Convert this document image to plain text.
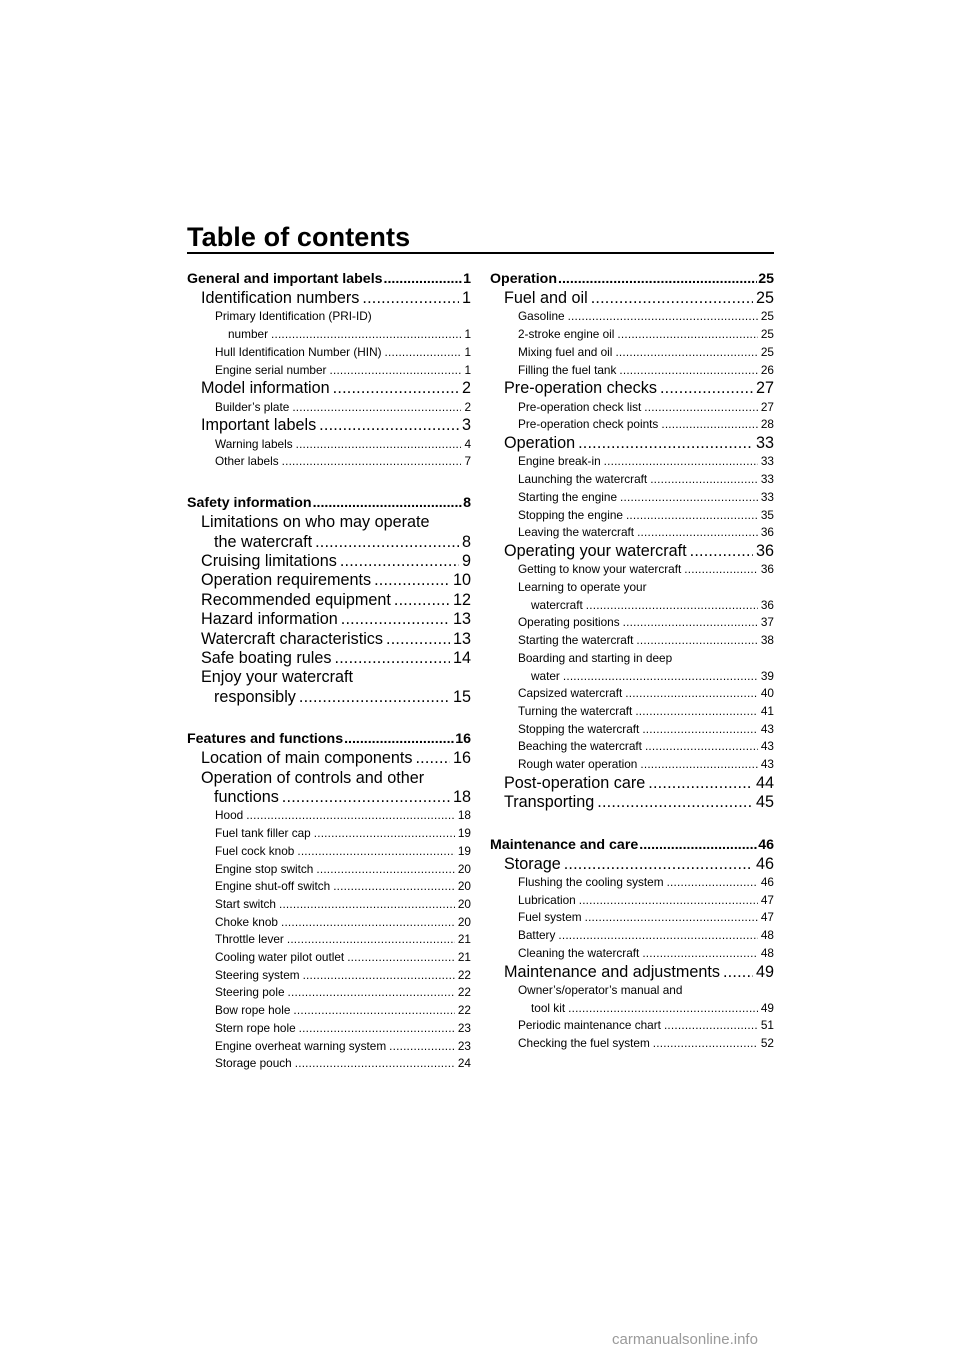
Table of contents
General and important labels .....	1
Identification numbers .....	1
Primary Identification (PRI-ID)
number .....	1
Hull Identification Number (HIN) .....	1
Engine serial number .....	1
Model information .....	2
Builder’s plate .....	2
Important labels .....	3
Warning labels .....	4
Other labels .....	7
Safety information .....	8
Limitations on who may operate
the watercraft .....	8
Cruising limitations .....	9
Operation requirements .....	10
Recommended equipment .....	12
Hazard information .....	13
Watercraft characteristics .....	13
Safe boating rules .....	14
Enjoy your watercraft
responsibly .....	15
Features and functions .....	16
Location of main components .....	16
Operation of controls and other
functions .....	18
Hood .....	18
Fuel tank filler cap .....	19
Fuel cock knob .....	19
Engine stop switch .....	20
Engine shut-off switch .....	20
Start switch .....	20
Choke knob .....	20
Throttle lever .....	21
Cooling water pilot outlet .....	21
Steering system .....	22
Steering pole .....	22
Bow rope hole .....	22
Stern rope hole .....	23
Engine overheat warning system .....	23
Storage pouch .....	24
Operation .....	25
Fuel and oil .....	25
Gasoline .....	25
2-stroke engine oil .....	25
Mixing fuel and oil .....	25
Filling the fuel tank .....	26
Pre-operation checks .....	27
Pre-operation check list .....	27
Pre-operation check points .....	28
Operation .....	33
Engine break-in .....	33
Launching the watercraft .....	33
Starting the engine .....	33
Stopping the engine .....	35
Leaving the watercraft .....	36
Operating your watercraft .....	36
Getting to know your watercraft .....	36
Learning to operate your
watercraft .....	36
Operating positions .....	37
Starting the watercraft .....	38
Boarding and starting in deep
water .....	39
Capsized watercraft .....	40
Turning the watercraft .....	41
Stopping the watercraft .....	43
Beaching the watercraft .....	43
Rough water operation .....	43
Post-operation care .....	44
Transporting .....	45
Maintenance and care .....	46
Storage .....	46
Flushing the cooling system .....	46
Lubrication .....	47
Fuel system .....	47
Battery .....	48
Cleaning the watercraft .....	48
Maintenance and adjustments ..... 49
Owner’s/operator’s manual and
tool kit .....	49
Periodic maintenance chart .....	51
Checking the fuel system .....	52
carmanualsonline.info
